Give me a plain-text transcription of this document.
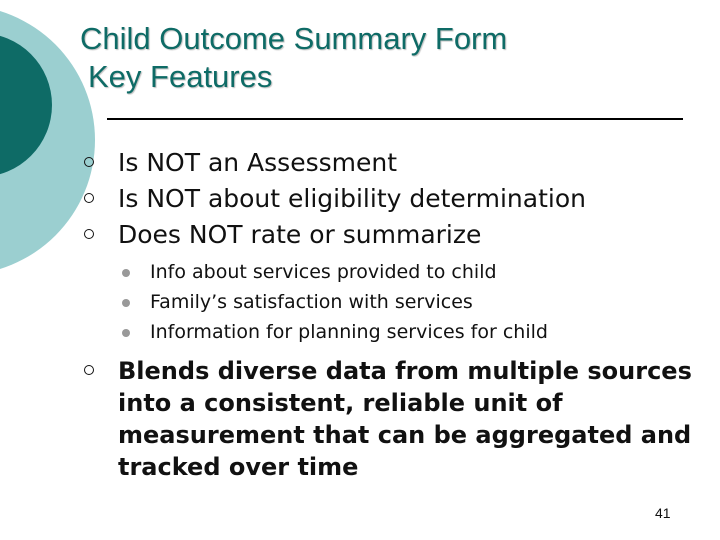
Child Outcome Summary Form
Key Features

Is NOT an Assessment

Is NOT about eligibility determination

Does NOT rate or summarize

Info about services provided to child

Family’s satisfaction with services

Information for planning services for child

Blends diverse data from multiple sources into a consistent, reliable unit of measurement that can be aggregated and tracked over time

41
